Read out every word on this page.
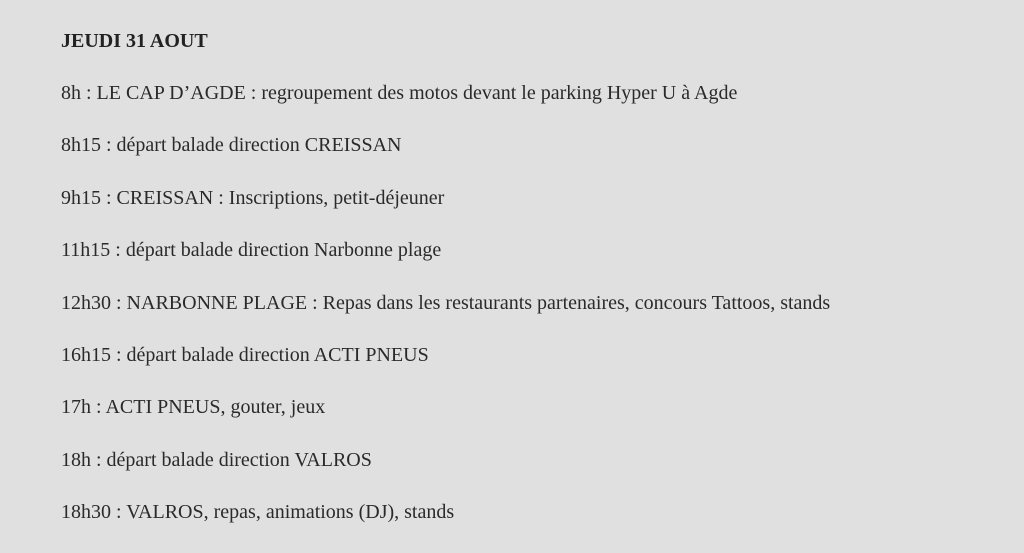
JEUDI 31 AOUT
8h : LE CAP D’AGDE : regroupement des motos devant le parking Hyper U à Agde
8h15 : départ balade direction CREISSAN
9h15 : CREISSAN : Inscriptions, petit-déjeuner
11h15 : départ balade direction Narbonne plage
12h30 : NARBONNE PLAGE : Repas dans les restaurants partenaires, concours Tattoos, stands
16h15 : départ balade direction ACTI PNEUS
17h : ACTI PNEUS, gouter, jeux
18h : départ balade direction VALROS
18h30 : VALROS, repas, animations (DJ), stands
